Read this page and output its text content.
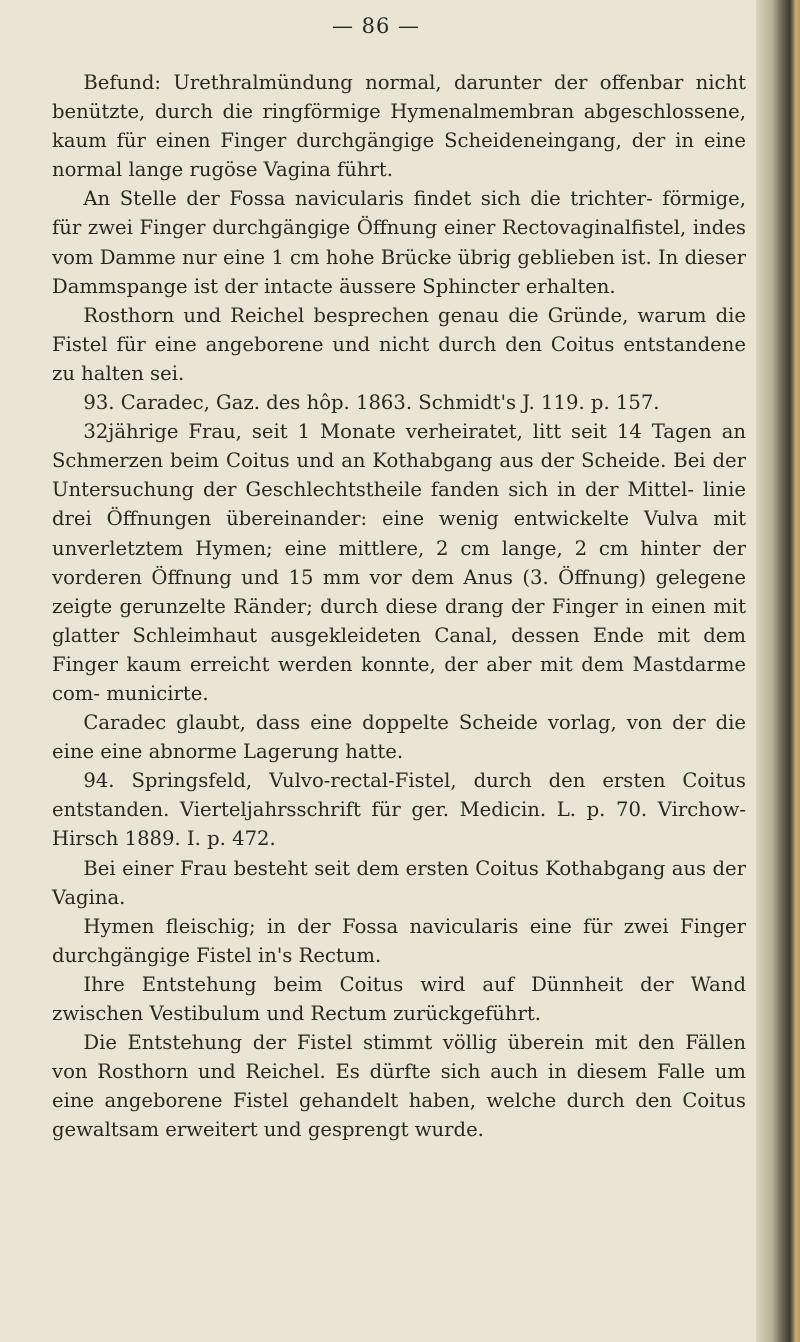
— 86 —

Befund: Urethralmündung normal, darunter der offenbar nicht benützte, durch die ringförmige Hymenalmembran abgeschlossene, kaum für einen Finger durchgängige Scheideneingang, der in eine normal lange rugöse Vagina führt.

An Stelle der Fossa navicularis findet sich die trichter- förmige, für zwei Finger durchgängige Öffnung einer Rectovaginalfistel, indes vom Damme nur eine 1 cm hohe Brücke übrig geblieben ist. In dieser Dammspange ist der intacte äussere Sphincter erhalten.

Rosthorn und Reichel besprechen genau die Gründe, warum die Fistel für eine angeborene und nicht durch den Coitus entstandene zu halten sei.

93. Caradec, Gaz. des hôp. 1863. Schmidt's J. 119. p. 157.

32jährige Frau, seit 1 Monate verheiratet, litt seit 14 Tagen an Schmerzen beim Coitus und an Kothabgang aus der Scheide. Bei der Untersuchung der Geschlechtstheile fanden sich in der Mittel- linie drei Öffnungen übereinander: eine wenig entwickelte Vulva mit unverletztem Hymen; eine mittlere, 2 cm lange, 2 cm hinter der vorderen Öffnung und 15 mm vor dem Anus (3. Öffnung) gelegene zeigte gerunzelte Ränder; durch diese drang der Finger in einen mit glatter Schleimhaut ausgekleideten Canal, dessen Ende mit dem Finger kaum erreicht werden konnte, der aber mit dem Mastdarme com- municirte.

Caradec glaubt, dass eine doppelte Scheide vorlag, von der die eine eine abnorme Lagerung hatte.

94. Springsfeld, Vulvo-rectal-Fistel, durch den ersten Coitus entstanden. Vierteljahrsschrift für ger. Medicin. L. p. 70. Virchow- Hirsch 1889. I. p. 472.

Bei einer Frau besteht seit dem ersten Coitus Kothabgang aus der Vagina.

Hymen fleischig; in der Fossa navicularis eine für zwei Finger durchgängige Fistel in's Rectum.

Ihre Entstehung beim Coitus wird auf Dünnheit der Wand zwischen Vestibulum und Rectum zurückgeführt.

Die Entstehung der Fistel stimmt völlig überein mit den Fällen von Rosthorn und Reichel. Es dürfte sich auch in diesem Falle um eine angeborene Fistel gehandelt haben, welche durch den Coitus gewaltsam erweitert und gesprengt wurde.
